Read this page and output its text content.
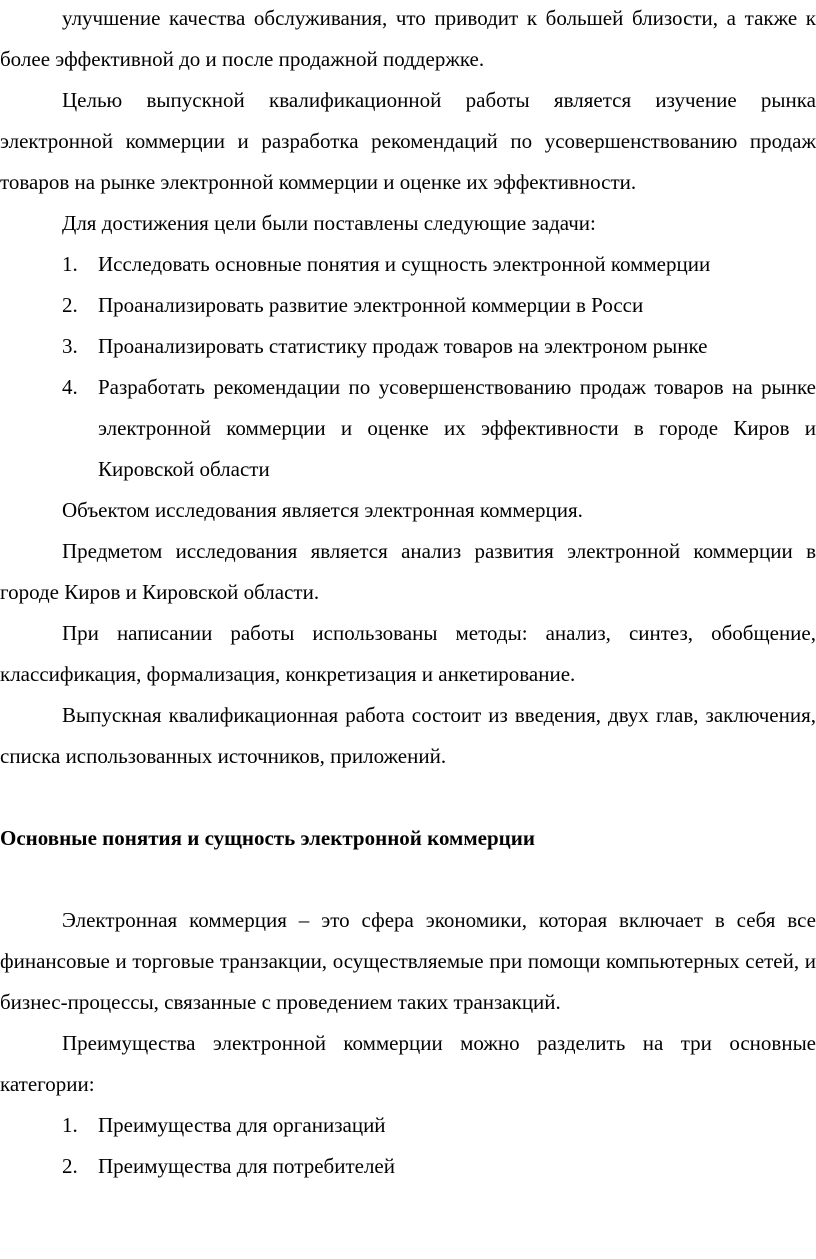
улучшение качества обслуживания, что приводит к большей близости, а также к более эффективной до и после продажной поддержке.

Целью выпускной квалификационной работы является изучение рынка электронной коммерции и разработка рекомендаций по усовершенствованию продаж товаров на рынке электронной коммерции и оценке их эффективности.

Для достижения цели были поставлены следующие задачи:

1. Исследовать основные понятия и сущность электронной коммерции
2. Проанализировать развитие электронной коммерции в Росси
3. Проанализировать статистику продаж товаров на электроном рынке
4. Разработать рекомендации по усовершенствованию продаж товаров на рынке электронной коммерции и оценке их эффективности в городе Киров и Кировской области

Объектом исследования является электронная коммерция.

Предметом исследования является анализ развития электронной коммерции в городе Киров и Кировской области.

При написании работы использованы методы: анализ, синтез, обобщение, классификация, формализация, конкретизация и анкетирование.

Выпускная квалификационная работа состоит из введения, двух глав, заключения, списка использованных источников, приложений.

Основные понятия и сущность электронной коммерции

Электронная коммерция – это сфера экономики, которая включает в себя все финансовые и торговые транзакции, осуществляемые при помощи компьютерных сетей, и бизнес-процессы, связанные с проведением таких транзакций.

Преимущества электронной коммерции можно разделить на три основные категории:

1. Преимущества для организаций
2. Преимущества для потребителей
